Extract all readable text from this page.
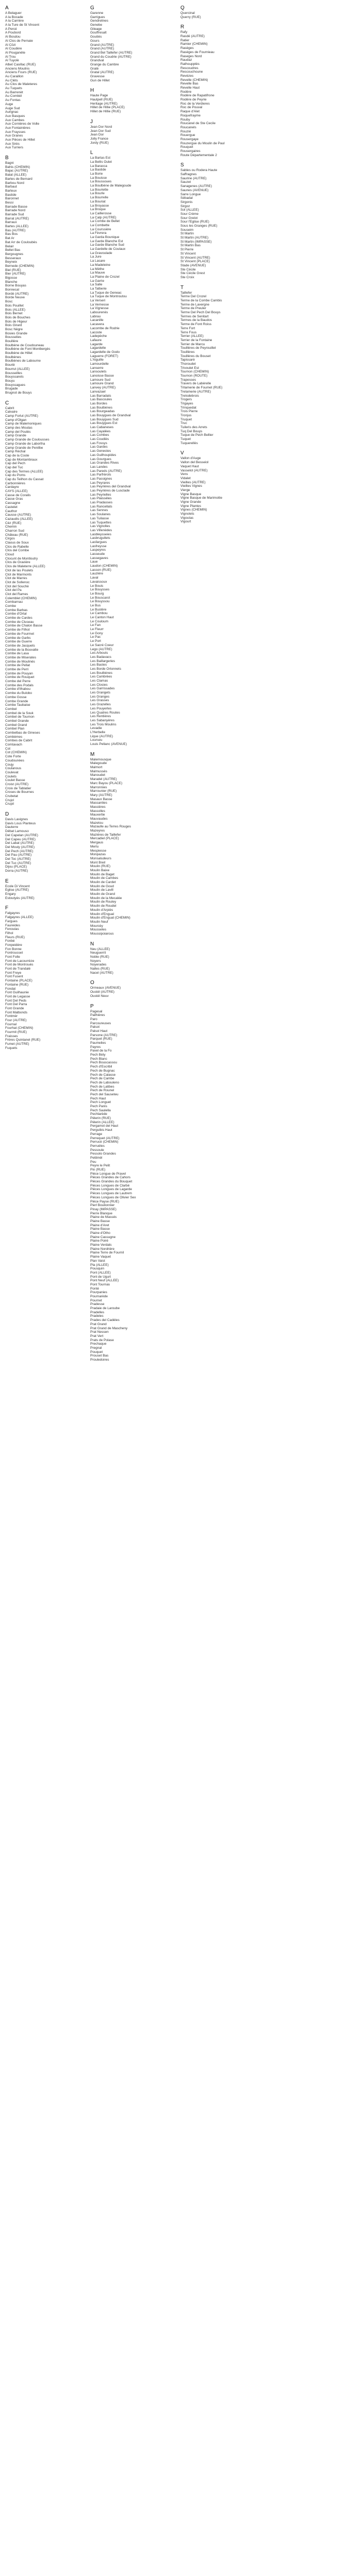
A
A Belaguer
A la Bocade
A la Carrière
A la Ture de St Vincent
A Percé
A Poubord
Al Bosdou
Al Clos de Pernaie
Al Cözi
Al Coudère
Al Pouganète
Al Trou
Al Tuyolè
Albet Casillac (RUE)
Anciens Moulins
Anciens Fours (RUE)
Au Caraillon
Au Clèts
Au Clos de Maleteres
Au Tuquets
Au Barrenèt
Au Combèl
Au Fontas
Auge
Auge Sud
Aurignac
Aux Basques
Aux Cambes
Aux Cornières de Volle
Aux Fontainières
Aux Fraysses
Aux Granes
Aux Pièces de Hillet
Aux Sirès
Aux Turriers
B
Bagni
Bahis (CHEMIN)
Bajac (AUTRE)
Balat (ALLEE)
Bartes de Bernard
Barbou Nord
Barbaut
Barteux
Bastide
Baronnet
Bessi
Barrade Basse
Barrade Nord
Barrade Sud
Barrat (AUTRE)
Barraux
Bartes (ALLEE)
Bas (AUTRE)
Bas Bos
Bat Ar
Bat Arr de Couloubès
Belair
Bellet Bas
Bergougnes
Besseraux
Beyneix
Bernede (CHEMIN)
Biel (RUE)
Bier (AUTRE)
Bigosse
Blanche
Borne Bouyas
Bonnecal
Bordè (AUTRE)
Borde Neuve
Bosc
Bois Pouillet
Bois (ALLEE)
Bois Bernet
Bois de Bouches
Bois de Higeur
Bois Girard
Bosc Nègre
Bosies Grande
Bousselies
Bouillère
Boulbène de Coudouneau
Boulbène de Font Montbergès
Boulbène de Hillet
Boulbènes
Boulbènes de Labourne
Bouriè
Bourrut (ALLEE)
Bousseilles
Bouyssarets
Bouyu
Bouyssagues
Brugade
Brugnot de Bouys
C
Cabrit
Calvaire
Camp Forlut (AUTRE)
Camp d'Olgan
Camp de Malemoniques
Camp des Moutas
Camp del Poulès
Camp Grande
Camp Grande de Coulousses
Camp Grande de Labortha
Camp Grande de Penilbe
Camp Réchal
Cap de la Coste
Cap de Montambraux
Cap del Pech
Cap del Tuc
Cap des Termes (ALLEE)
Cap du Poms
Cap du Teilhon du Cassat
Carbonnières
Cardayre
CAYS (ALLEE)
Casse de Coralis
Casse Gras
Cassagne
Castelet
Cauthor
Causse (AUTRE)
Cazaudis (ALLEE)
Cèz (RUE)
Chemin
Charron Sud
Château (RUE)
Cirgos
Claous de Soux
Clos de Rabelle
Clos del Combe
Cloud
Clocunt de Montloutry
Clos de Gravière
Clos de Maleterre (ALLEE)
Clot de las Poulets
Clot de Marmonts
Clot de Marres
Clot de Sollenoc
Clot del Souchè
Clot del Pa
Clot del Rames
Colemblet (CHEMIN)
Combarnau
Combe
Combe Barbas
Combe d'Ortal
Combe de Cardes
Combe de Cluseau
Combe de Chalon Basse
Combe de Filhot
Combe de Fourmet
Combe de Garbs
Combe de Guerre
Combe de Jacquets
Combe de la Bouvatte
Combe de Lasa
Combe de Miserates
Combe de Moulinès
Combe de Pellat
Combe de Perri
Combe de Pouyan
Combe de Rouquet
Combe del Perre
Combe des Podals
Combe d'Ilhabou
Combe du Bulobo
Combe Gosse
Combe Grande
Combe Taubaise
Combel
Combel de la Souk
Combel de Tournon
Combel Grande
Combel Grand
Combel Plan
Combelbas de Gineses
Combèmes
Combes de Cabrit
Comtavach
Cot
Cot (CHEMIN)
Cote Forte
Coudounèes
Coujy
Coulanous
Coulevat
Coulets
Coulet Basse
Croist (AUTRE)
Croix de Tablatier
Croses de Bournes
Crubetat
Crujol
Crupil
D
Davis Lavignes
Davis Lous Planteus
Dauterre
Débat Lamouso
Del Capelan (AUTRE)
Del Capeu (AUTRE)
Del Labat (AUTRE)
Del Mouly (AUTRE)
Del Pech (AUTRE)
Del Pau (AUTRE)
Del Toc (AUTRE)
Del Tuc (AUTRE)
Dijou (PLACE)
Dorra (AUTRE)
E
Ecole Di Vincent
Eglise (AUTRE)
Engary
Estoutyès (AUTRE)
F
Falgayres
Falgayres (ALLEE)
Fargues
Faureides
Fenoulas
Filhol
Fleurs (RUE)
Fonbé
Fonpeidère
Fon Bonne
Fontrousset
Font Folle
Font de Lacourrèze
Font de Montrouès
Font de Trandalé
Font Freye
Font Fusent
Fontaine (PLACE)
Fontaine (RUE)
Fondat
Font Guilhaunie
Font de Legasse
Font Del Peds
Font Del Parra
Font Grande
Font Malbonds
Fontmèr
Four (AUTRE)
Fournal
Fourhat (CHEMIN)
Fourmit (RUE)
Fraisses
Frères Quintanel (RUE)
Fumet (AUTRE)
Fuquets
G
Garenne
Garrigues
Gendrelines
Genebe
Gileage
Gouffresalt
Goutiès
Gours
Grand (AUTRE)
Grand (AUTRE)
Grand Bel Taillefer (AUTRE)
Grand du Coudrie (AUTRE)
Grandval
Grange du Cambre
Gratè
Gratal (AUTRE)
Gravesse
Gun de Hillet
H
Haute Page
Hautpell (RUE)
Heritage (AUTRE)
Hillet de Hillie (PLACE)
Hillet de Hillie (RUE)
J
Jean Dor Nord
Jean Dor Sud
Jean Dor
Jolly France
Jordy (RUE)
L
La Bartas Est
La Bellis Oulet
La Baracca
La Bastide
La Borie
La Bouisse
La Boussoues
La Boulbène de Malegoude
La Bouriette
La Bourle
La Bourrelle
La Bouriat
La Broyasse
La Broque
La Caillerosse
La Calp (AUTRE)
La Combe de Bellet
La Combette
La Courssière
La Fèvrera
La Garda Bounique
La Garde Blanche Est
La Garde Blanche Sud
La Gardelle de Coulaux
La Gravoulade
La Jure
La Lasare
La Madeleine
La Mèthe
La Mauve
La Plaine de Crozel
La Garrie
La Salle
La Talberie
La Tuque de Geneac
La Tuque de Montroutou
La Verseri
La Vernesse
La Vignesse
Labourenès
Labrau
Lacanille
Lacavera
Lacombe de Rodrie
Lacoste
Ladepèche
Lafaure
Lagarde
Lagardelle
Lagardelle de Godo
Laguerre (FORET)
L'Aiguille
Lamourdelle
Lanserre
Lansoulets
Lanoisse Basse
Lamoure Sud
Lamoure Grand
Lanvey (AUTRE)
Lanvazael
Las Barradats
Las Bascoules
Las Bordes
Las Boulbènes
Las Bourgeadas
Las Bouygues de Grandval
Las Bouygues Sud
Las Bouygues Est
Las Cabaneses
Las Cayalèes
Las Combes
Las Coudiès
Las Fossys
Las Gardes
Las Genestes
Las Guilhoupides
Las Gourgues
Las Grandes Rives
Las Landes
Las Pareds (AUTRE)
Las Parfrèrols
Las Passignes
Las Peyrares
Las Peyrières del Grandval
Las Peyrières de Lusclade
Las Peyrielles
Las Plaissèles
Las Pradasses
Las Rancellats
Las Sennes
Las Soulanes
Las Tuilasse
Las Tuquettes
Las Vignolles
Las Villenèdes
Lasbleysseies
Lasbrugullets
Lasfargues
Lasfreysse
Laspeyres
Lasseude
Lassegaves
Laue
Laudon (CHEMIN)
Lasson (RUE)
Lauzière
Laval
Lavaissoux
Le Bouis
Le Bouysses
Le Bourg
Le Bouscarot
Le Bouyssou
Le Bus
Le Bustère
Le Cambou
Le Canton Haut
Le Couloum
Le Fan
Le Fleurr
Le Gony
Le Pac
Le Port
Le Sacré Coeur
Lego (AUTRE)
Les Arbouts
Les Badavacs
Les Baillargeries
Les Bastes
Les Borde Ortonnets
Les Boulbènes
Les Cambrèes
Les Clamas
Les Closies
Les Garrissades
Les Grangets
Les Granges
Les Grasses
Les Grazelles
Les Pouyerles
Les Quatres Routes
Les Rentières
Les Sabanyères
Les Trois Moulins
Levadie
L'Herbelle
Lique (AUTRE)
Lourseu
Louis Pellanc (AVENUE)
M
Malemousque
Malegoude
Malmort
Malmussès
Manoudet
Maradel (AUTRE)
Marc Bayou (PLACE)
Marronnies
Marrounier (RUE)
Mary (AUTRE)
Masaux Basse
Massanties
Massières
Massolles
Mauxertie
Mauvaudes
Mazetou
Mazaulle au Terres Rouges
Mazeyres
Mazières de Taillefer
Mercadiel (PLACE)
Mergaus
Merlu
Mespiesse
Monpazas
Monsaludeurs
Mont Breil
Moulin (RUE)
Moulin Baixe
Moulin de Baget
Moulin de Cambes
Moulin de Cardet
Moulin de Goud
Moulin de Lavill
Moulin de Grand
Moulin de la Mecalée
Moulin de Rouley
Moulin de Roudel
Moulin d'Arpiès
Moulin d'Engual
Moulin d'Engual (CHEMIN)
Moulin Neuf
Mourcèy
Mousseles
Moussipoiarous
N
Neu (ALLEE)
Neuguerrit
Noble (RUE)
Noyers
Noyerades
Nalles (RUE)
Nacel (AUTRE)
O
Ormeaux (AVENUE)
Oustèl (AUTRE)
Oustèl Neuv
P
Pagesal
Pailhières
Paro
Parcoureuses
Palsot
Palsol Haut
Parsone (AUTRE)
Parquet (RUE)
Paumeiles
Payres
Pavel de la Fo
Pech Bèty
Pech Blanc
Pech Bouscassou
Pech d'Escribil
Pech de Bugnac
Pech de Calasse
Pech de Cambe
Pech de Labouleno
Pech de Latibes
Pech de Rounel
Pech del Sauseteu
Pech Haut
Pech Longuet
Pech Panis
Pech Saulella
Pechlarède
Pèlerin (RUE)
Pèlerin (ALLEE)
Pergamot del Haut
Perguibis Haut
Perrage
Perrequet (AUTRE)
Perrucè (CHEMIN)
Perruèles
Pessoule
Pessolo Grandes
Petitmèl
Peu
Peyre le Pelit
Pin (RUE)
Pièce Longue de Pravel
Pièces Grandes de Cahors
Pièces Grandes du Bouquet
Pièces Longues de Clarbé
Pièces Longues de Lagarde
Pièces Longues de Lautrem
Pièces Longues de Olivier Sex
Pièce Payse (RUE)
Pierl Bouilonnier
Pinay (IMPASSE)
Pierre Blanque
Plaine de Massés
Plaine Basse
Plaine d'Aret
Plaine Basse
Plaine d'Otho
Plaine Cassugne
Plaine Poiré
Plaine Verdals
Plaine Nordrière
Plaine Terre de Fournil
Plaine Vaquet
Plan Vaist
Pla (ALLEE)
Pousquin
Pont (ALLEE)
Pont de Ugurt
Pont Neuf (ALLEE)
Pont Tournas
Ponté
Pourpanies
Pournarède
Pournet
Pradesse
Pradaie de Laroube
Pradelles
Pradeles
Prades del Cadèles
Prat Grand
Prat Grand de Mascheny
Prat Nessen
Prat Vert
Prats de Polase
Prechaque
Pregnal
Pouquet
Prouset Bas
Prouledoires
Q
Quercinal
Querry (RUE)
R
Rafy
Rasdé (AUTRE)
Ratier
Ramier (CHEMIN)
Rasèges
Rasèges de Fournieau
Raseges Nord
Raudaz
Rathoupptès
Rescoudres
Rescouchoune
Revèzes
Revelle (CHEMIN)
Revelle Bas
Revelle Haut
Rodère
Rodère de Rapatifrone
Rodère de Peyrie
Roc de la Verdieres
Roc de Pouval
Raque d'Alet
Roquefrayme
Rouby
Roucanel de Ste Cecile
Roucanels
Rouzié
Rouergue
Rousergaye
Rouzergue du Moulin de Paul
Rouquet
Rousergaires
Route Départementale 2
S
Sables ou Rodera Haute
Saffragnes
Saurine (AUTRE)
Sauzet
Sanagenes (AUTRE)
Saunes (AVENUE)
Sarre Longue
Sébadal
Sirgonis
Sirgoz
Sol (ALLEE)
Sour Crème
Sour Grelot
Sour l'Eglise (RUE)
Sous les Granges (RUE)
Souseim
St Martin
St Martin (AUTRE)
St Martin (IMPASSE)
St Martin Bas
St Pierre
St Vincent
St Vincent (AUTRE)
St Vincent (PLACE)
Stade (AVENUE)
Ste Cécile
Ste Cécile Grest
Ste Croix
T
Taillefer
Terme Del Crozel
Terme de la Combe Cambis
Terme de Lavergne
Terme de Preuler
Terme Del Pech Del Bouys
Termes de Senitart
Termes de la Baudos
Terme de Font Roiss
Terre Fort
Terre Fous
Terrier (ALLEE)
Terrier de la Fontaine
Terrier de Marcu
Touillères de Peyrouillet
Touillères
Touillères du Bouset
Tapissarè
Thoroudet
Trivoulet Est
Tournon (CHEMIN)
Tournon (ROUTE)
Trapesses
Travers de Labérelle
Trilamerie de Foumet (RUE)
Trelamerie (AUTRE)
Trelodebrois
Trogers
Trigayes
Trinquedat
Trois Pierre
Tronjus
Truquet
Truc
Tuileris des Arrets
Tuq Del Bouys
Tuque de Pech Bellier
Tuquet
Tuquerellès
V
Vallon d'Auge
Vallon del Besseiol
Vaquet Haut
Vasselot (AUTRE)
Vens
Vidalet
Vieilles (AUTRE)
Vieilles Vignes
Vierge
Vigne Basque
Vigne Basque de Marimoitie
Vigne Grande
Vigne Plantes
Vignes (CHEMIN)
Vignolets
Vigoutas
Vigourt
